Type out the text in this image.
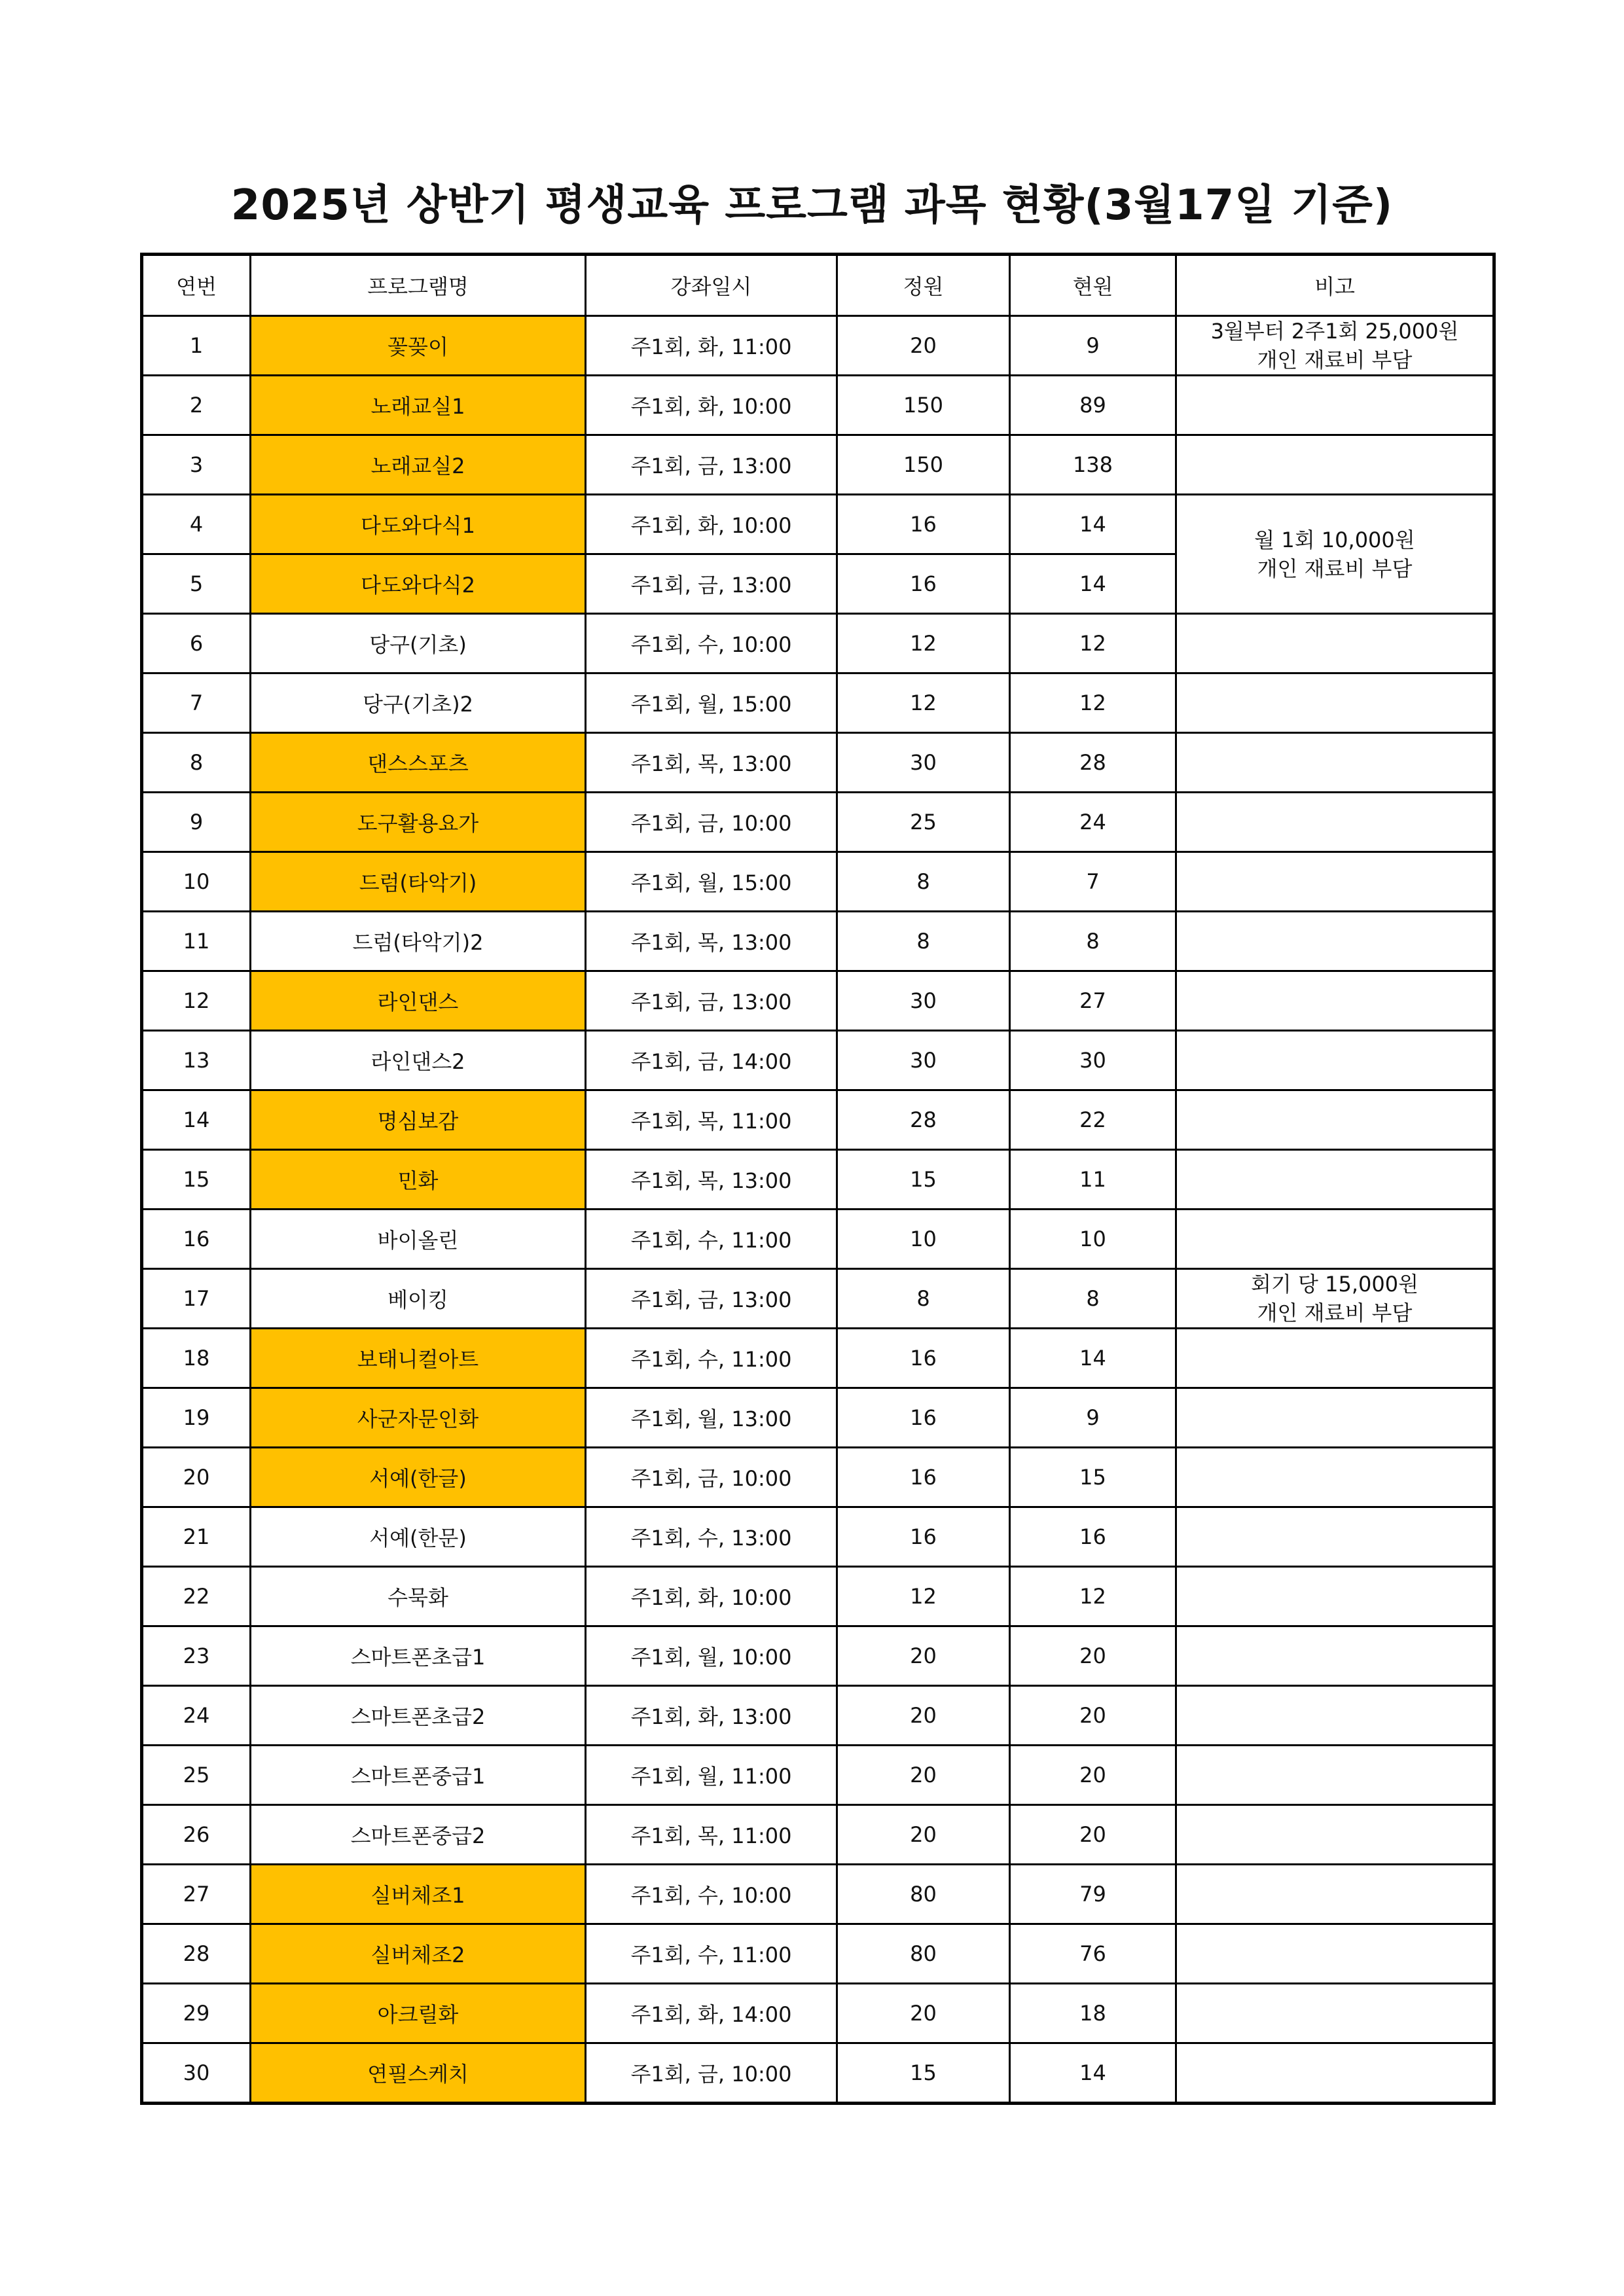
2025년 상반기 평생교육 프로그램 과목 현황(3월17일 기준)
연번	프로그램명	강좌일시	정원	현원	비고
1	꽃꽂이	주1회, 화, 11:00	20	9	3월부터 2주1회 25,000원
개인 재료비 부담

2	노래교실1	주1회, 화, 10:00	150	89	
3	노래교실2	주1회, 금, 13:00	150	138	
4	다도와다식1	주1회, 화, 10:00	16	14	월 1회 10,000원
개인 재료비 부담

5	다도와다식2	주1회, 금, 13:00	16	14	
6	당구(기초)	주1회, 수, 10:00	12	12	
7	당구(기초)2	주1회, 월, 15:00	12	12	
8	댄스스포츠	주1회, 목, 13:00	30	28	
9	도구활용요가	주1회, 금, 10:00	25	24	
10	드럼(타악기)	주1회, 월, 15:00	8	7	
11	드럼(타악기)2	주1회, 목, 13:00	8	8	
12	라인댄스	주1회, 금, 13:00	30	27	
13	라인댄스2	주1회, 금, 14:00	30	30	
14	명심보감	주1회, 목, 11:00	28	22	
15	민화	주1회, 목, 13:00	15	11	
16	바이올린	주1회, 수, 11:00	10	10	
17	베이킹	주1회, 금, 13:00	8	8	회기 당 15,000원
개인 재료비 부담

18	보태니컬아트	주1회, 수, 11:00	16	14	
19	사군자문인화	주1회, 월, 13:00	16	9	
20	서예(한글)	주1회, 금, 10:00	16	15	
21	서예(한문)	주1회, 수, 13:00	16	16	
22	수묵화	주1회, 화, 10:00	12	12	
23	스마트폰초급1	주1회, 월, 10:00	20	20	
24	스마트폰초급2	주1회, 화, 13:00	20	20	
25	스마트폰중급1	주1회, 월, 11:00	20	20	
26	스마트폰중급2	주1회, 목, 11:00	20	20	
27	실버체조1	주1회, 수, 10:00	80	79	
28	실버체조2	주1회, 수, 11:00	80	76	
29	아크릴화	주1회, 화, 14:00	20	18	
30	연필스케치	주1회, 금, 10:00	15	14	
